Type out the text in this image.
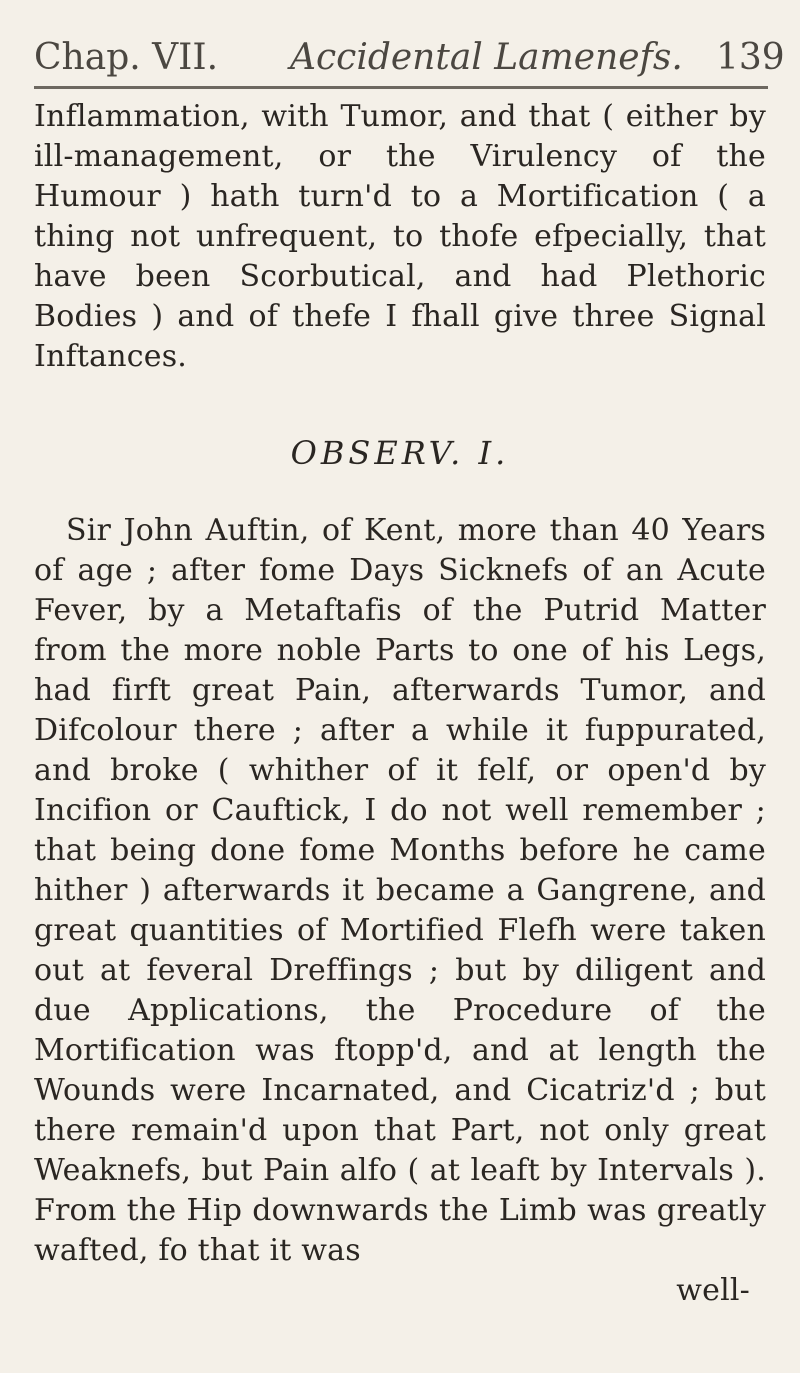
Chap. VII.	Accidental Lamenefs. 139

Inflammation, with Tumor, and that ( either by ill-management, or the Virulency of the Humour ) hath turn'd to a Mortification ( a thing not unfrequent, to thofe efpecially, that have been Scorbutical, and had Plethoric Bodies ) and of thefe I fhall give three Signal Inftances.

OBSERV. I.

Sir John Auftin, of Kent, more than 40 Years of age ; after fome Days Sicknefs of an Acute Fever, by a Metaftafis of the Putrid Matter from the more noble Parts to one of his Legs, had firft great Pain, afterwards Tumor, and Difcolour there ; after a while it fuppurated, and broke ( whither of it felf, or open'd by Incifion or Cauftick, I do not well remember ; that being done fome Months before he came hither ) afterwards it became a Gangrene, and great quantities of Mortified Flefh were taken out at feveral Dreffings ; but by diligent and due Applications, the Procedure of the Mortification was ftopp'd, and at length the Wounds were Incarnated, and Cicatriz'd ; but there remain'd upon that Part, not only great Weaknefs, but Pain alfo ( at leaft by Intervals ). From the Hip downwards the Limb was greatly wafted, fo that it was

well-
